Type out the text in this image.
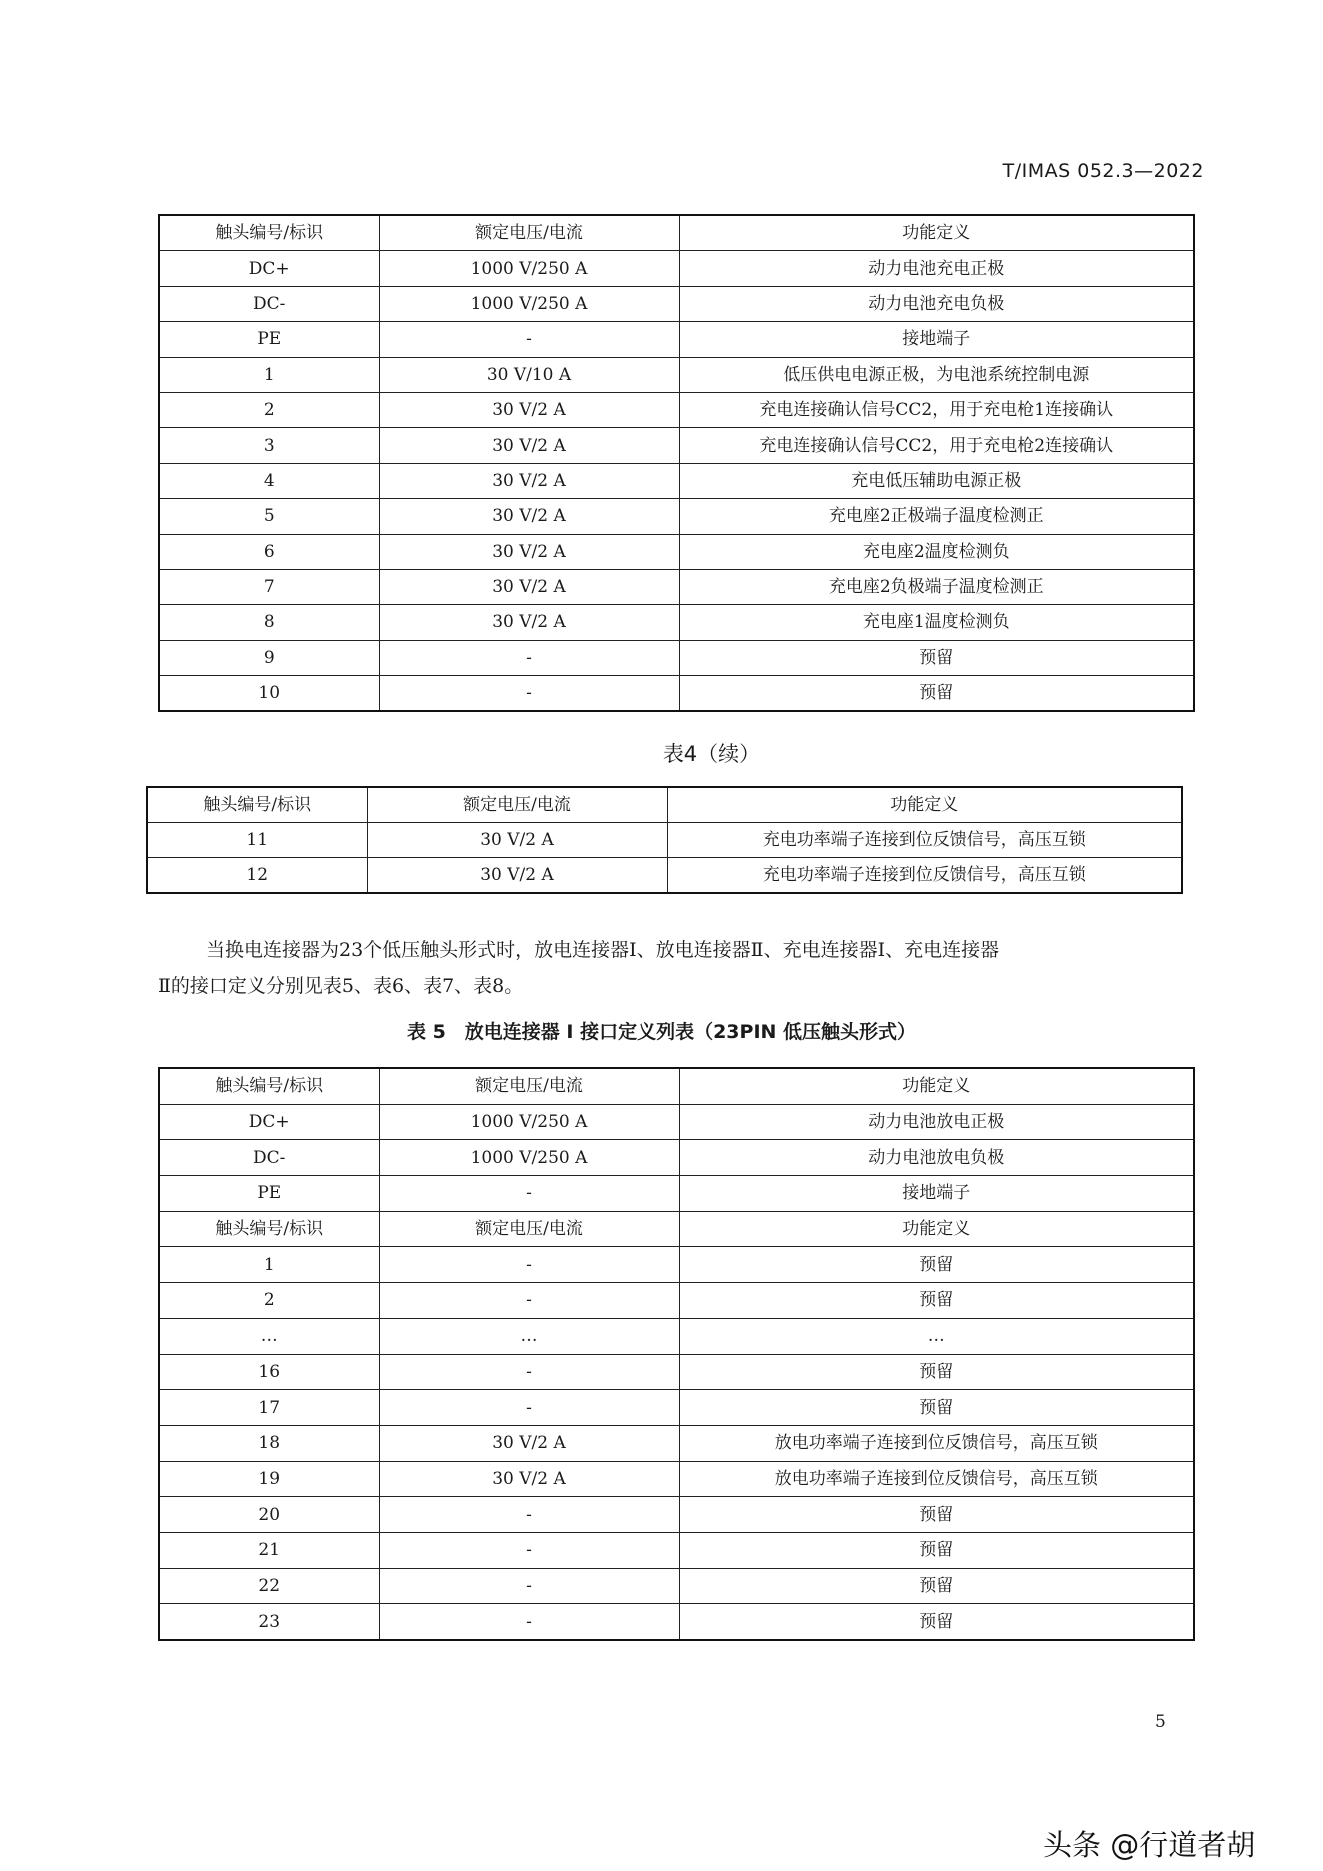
T/IMAS 052.3—2022
触头编号/标识	额定电压/电流	功能定义
DC+	1000 V/250 A	动力电池充电正极
DC-	1000 V/250 A	动力电池充电负极
PE	-	接地端子
1	30 V/10 A	低压供电电源正极，为电池系统控制电源
2	30 V/2 A	充电连接确认信号CC2，用于充电枪1连接确认
3	30 V/2 A	充电连接确认信号CC2，用于充电枪2连接确认
4	30 V/2 A	充电低压辅助电源正极
5	30 V/2 A	充电座2正极端子温度检测正
6	30 V/2 A	充电座2温度检测负
7	30 V/2 A	充电座2负极端子温度检测正
8	30 V/2 A	充电座1温度检测负
9	-	预留
10	-	预留
表4（续）
触头编号/标识	额定电压/电流	功能定义
11	30 V/2 A	充电功率端子连接到位反馈信号，高压互锁
12	30 V/2 A	充电功率端子连接到位反馈信号，高压互锁
当换电连接器为23个低压触头形式时，放电连接器Ⅰ、放电连接器Ⅱ、充电连接器Ⅰ、充电连接器
Ⅱ的接口定义分别见表5、表6、表7、表8。
表 5　放电连接器 I 接口定义列表（23PIN 低压触头形式）
触头编号/标识	额定电压/电流	功能定义
DC+	1000 V/250 A	动力电池放电正极
DC-	1000 V/250 A	动力电池放电负极
PE	-	接地端子
触头编号/标识	额定电压/电流	功能定义
1	-	预留
2	-	预留
…	…	…
16	-	预留
17	-	预留
18	30 V/2 A	放电功率端子连接到位反馈信号，高压互锁
19	30 V/2 A	放电功率端子连接到位反馈信号，高压互锁
20	-	预留
21	-	预留
22	-	预留
23	-	预留
5
头条 @行道者胡
